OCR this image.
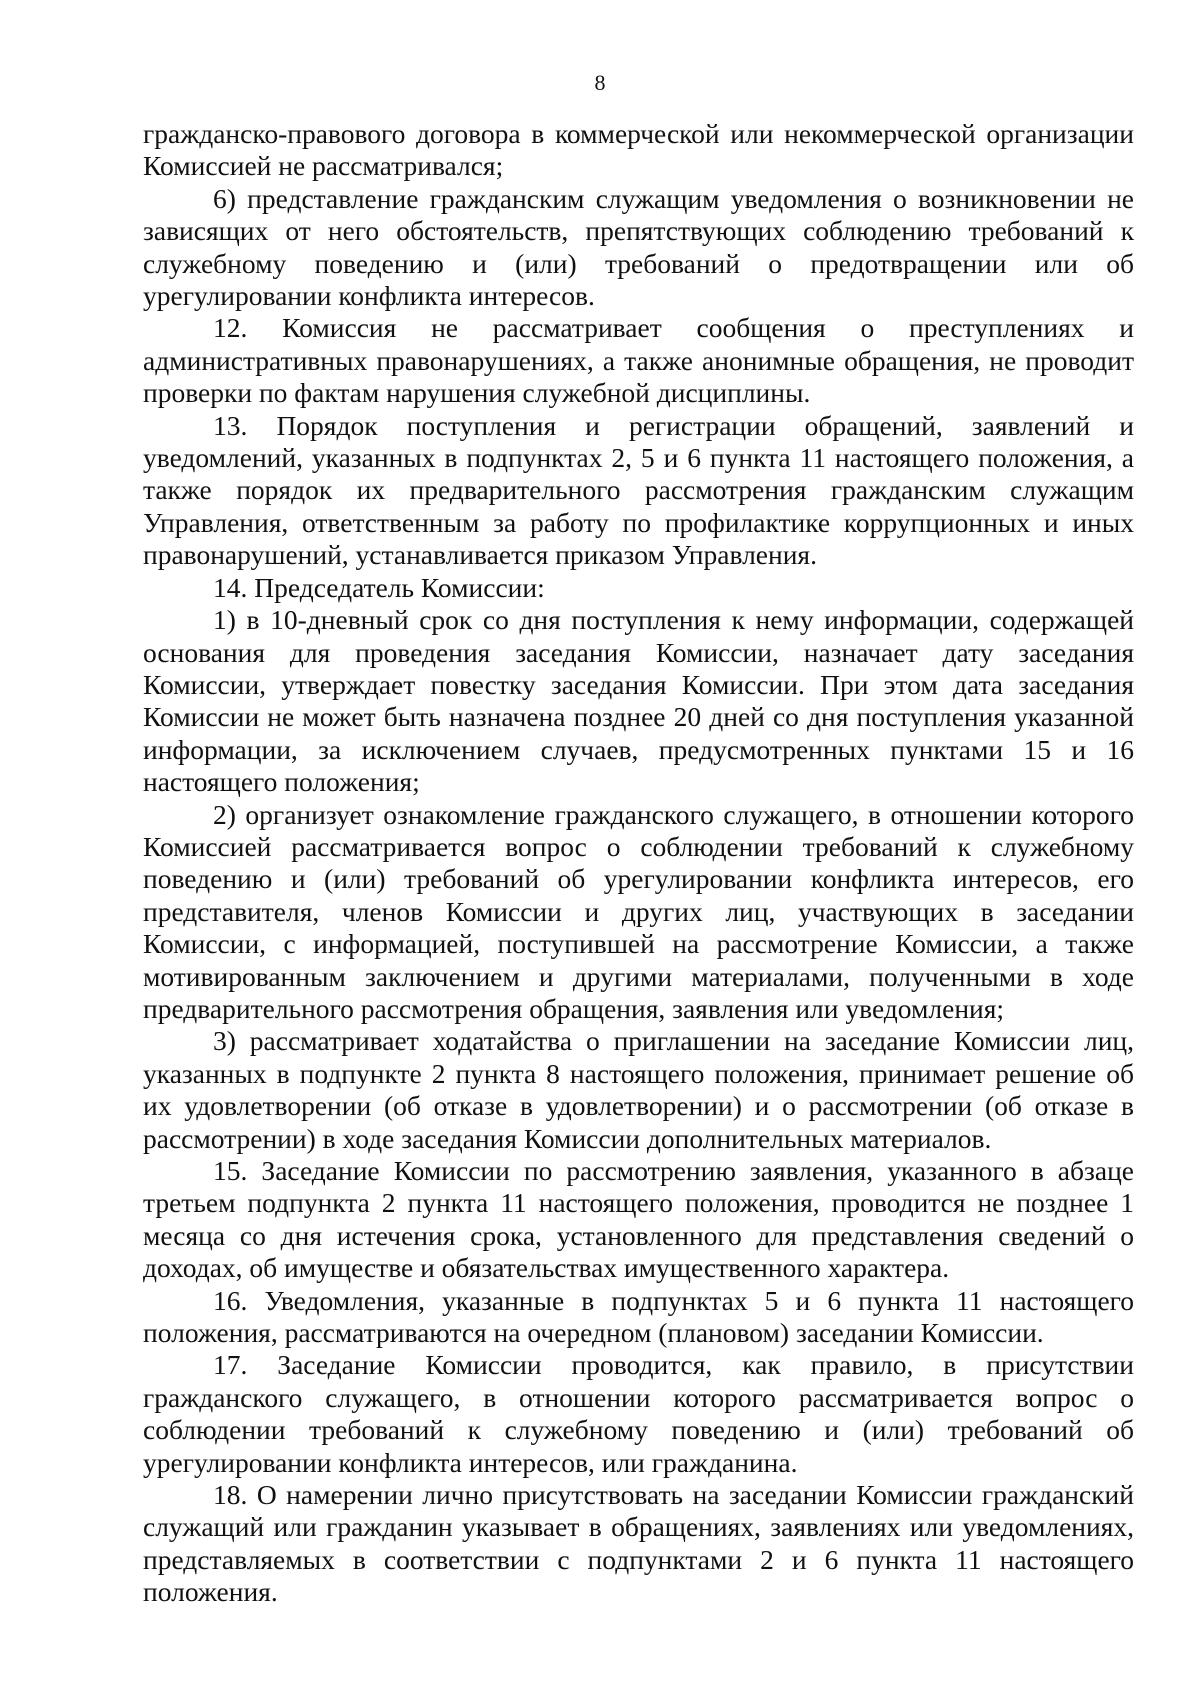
8

гражданско-правового договора в коммерческой или некоммерческой организации Комиссией не рассматривался;

6) представление гражданским служащим уведомления о возникновении не зависящих от него обстоятельств, препятствующих соблюдению требований к служебному поведению и (или) требований о предотвращении или об урегулировании конфликта интересов.

12. Комиссия не рассматривает сообщения о преступлениях и административных правонарушениях, а также анонимные обращения, не проводит проверки по фактам нарушения служебной дисциплины.

13. Порядок поступления и регистрации обращений, заявлений и уведомлений, указанных в подпунктах 2, 5 и 6 пункта 11 настоящего положения, а также порядок их предварительного рассмотрения гражданским служащим Управления, ответственным за работу по профилактике коррупционных и иных правонарушений, устанавливается приказом Управления.

14. Председатель Комиссии:

1) в 10-дневный срок со дня поступления к нему информации, содержащей основания для проведения заседания Комиссии, назначает дату заседания Комиссии, утверждает повестку заседания Комиссии. При этом дата заседания Комиссии не может быть назначена позднее 20 дней со дня поступления указанной информации, за исключением случаев, предусмотренных пунктами 15 и 16 настоящего положения;

2) организует ознакомление гражданского служащего, в отношении которого Комиссией рассматривается вопрос о соблюдении требований к служебному поведению и (или) требований об урегулировании конфликта интересов, его представителя, членов Комиссии и других лиц, участвующих в заседании Комиссии, с информацией, поступившей на рассмотрение Комиссии, а также мотивированным заключением и другими материалами, полученными в ходе предварительного рассмотрения обращения, заявления или уведомления;

3) рассматривает ходатайства о приглашении на заседание Комиссии лиц, указанных в подпункте 2 пункта 8 настоящего положения, принимает решение об их удовлетворении (об отказе в удовлетворении) и о рассмотрении (об отказе в рассмотрении) в ходе заседания Комиссии дополнительных материалов.

15. Заседание Комиссии по рассмотрению заявления, указанного в абзаце третьем подпункта 2 пункта 11 настоящего положения, проводится не позднее 1 месяца со дня истечения срока, установленного для представления сведений о доходах, об имуществе и обязательствах имущественного характера.

16. Уведомления, указанные в подпунктах 5 и 6 пункта 11 настоящего положения, рассматриваются на очередном (плановом) заседании Комиссии.

17. Заседание Комиссии проводится, как правило, в присутствии гражданского служащего, в отношении которого рассматривается вопрос о соблюдении требований к служебному поведению и (или) требований об урегулировании конфликта интересов, или гражданина.

18. О намерении лично присутствовать на заседании Комиссии гражданский служащий или гражданин указывает в обращениях, заявлениях или уведомлениях, представляемых в соответствии с подпунктами 2 и 6 пункта 11 настоящего положения.
